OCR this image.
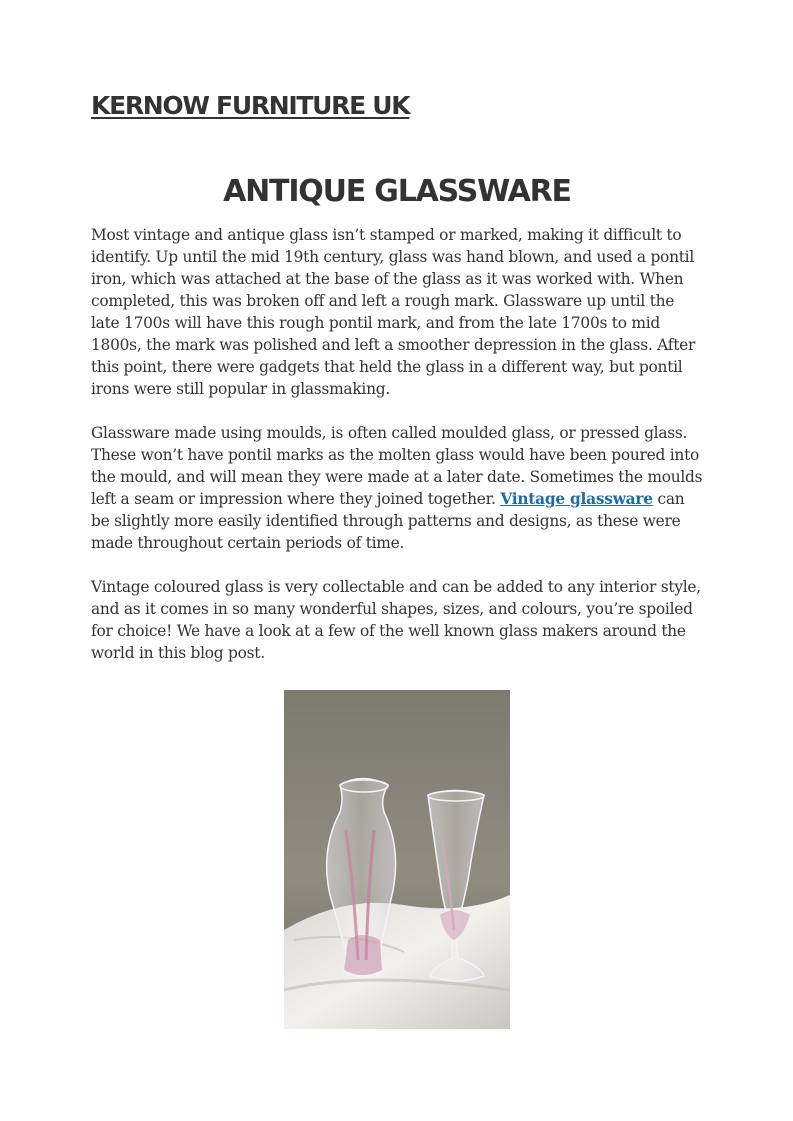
KERNOW FURNITURE UK
ANTIQUE GLASSWARE

Most vintage and antique glass isn’t stamped or marked, making it difficult to identify. Up until the mid 19th century, glass was hand blown, and used a pontil iron, which was attached at the base of the glass as it was worked with. When completed, this was broken off and left a rough mark. Glassware up until the late 1700s will have this rough pontil mark, and from the late 1700s to mid 1800s, the mark was polished and left a smoother depression in the glass. After this point, there were gadgets that held the glass in a different way, but pontil irons were still popular in glassmaking.

Glassware made using moulds, is often called moulded glass, or pressed glass. These won’t have pontil marks as the molten glass would have been poured into the mould, and will mean they were made at a later date. Sometimes the moulds left a seam or impression where they joined together. Vintage glassware can be slightly more easily identified through patterns and designs, as these were made throughout certain periods of time.

Vintage coloured glass is very collectable and can be added to any interior style, and as it comes in so many wonderful shapes, sizes, and colours, you’re spoiled for choice! We have a look at a few of the well known glass makers around the world in this blog post.
